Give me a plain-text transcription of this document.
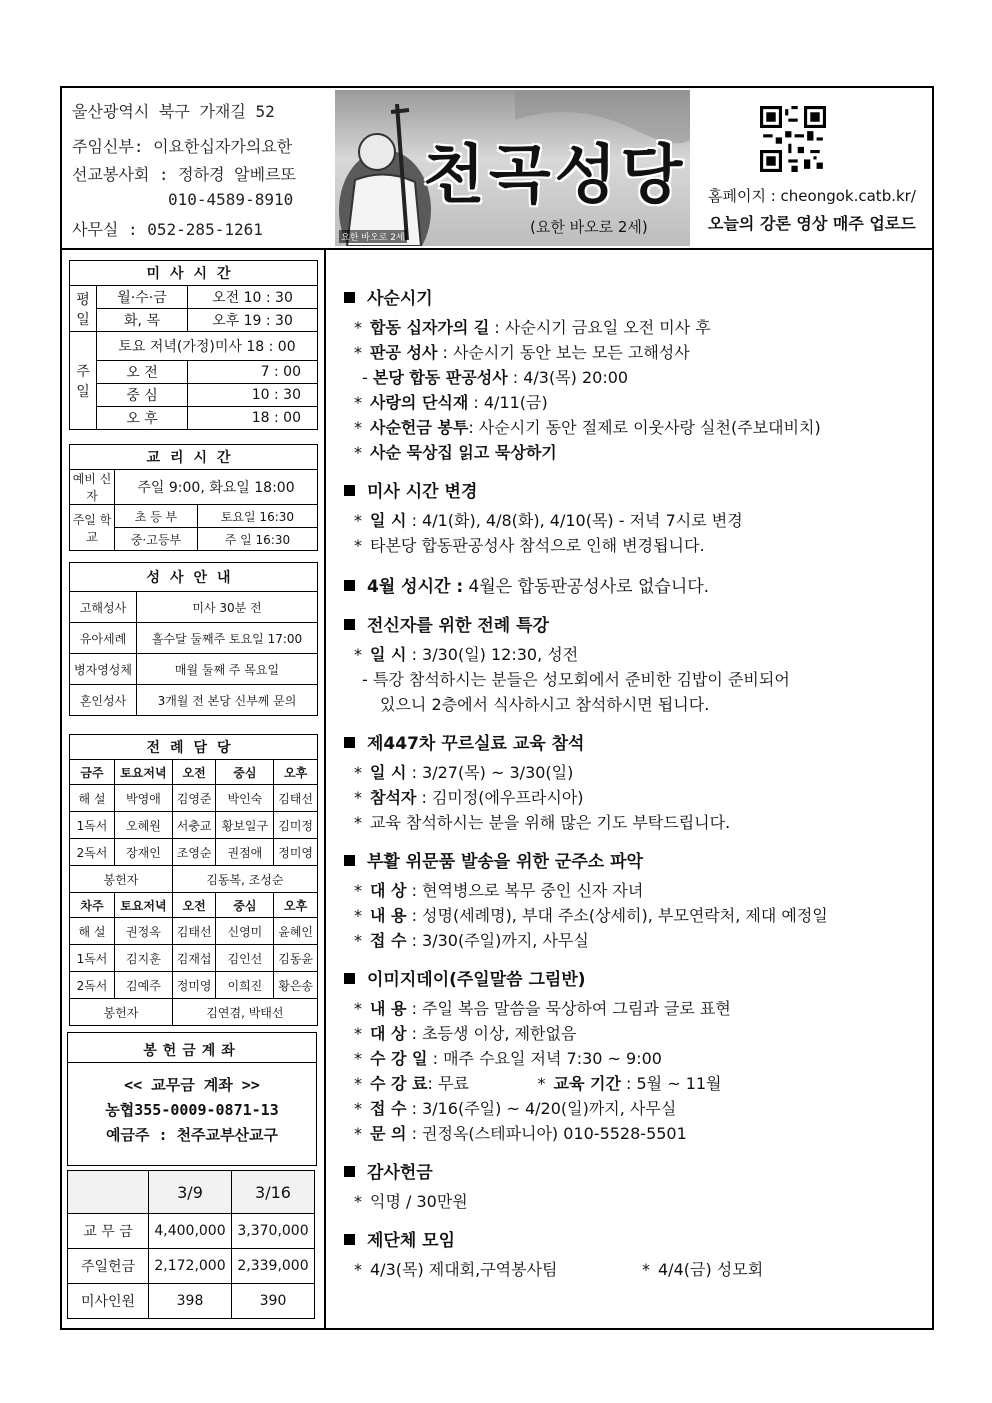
울산광역시 북구 가재길 52
주임신부: 이요한십자가의요한
선교봉사회 : 정하경 알베르또
010-4589-8910
사무실 : 052-285-1261
천곡성당
(요한 바오로 2세)
요한 바오로 2세
홈페이지 : cheongok.catb.kr/
오늘의 강론 영상 매주 업로드
미사시간		
평일	월·수·금	오전 10 : 30
	화, 목	오후 19 : 30
주일	토요 저녁(가정)미사 18 : 00	
	오 전	7 : 00
	중 심	10 : 30
	오 후	18 : 00
교리시간		
예비 신자	주일 9:00, 화요일 18:00	
주일 학교	초 등 부	토요일 16:30
	중·고등부	주 일 16:30
성사안내	
고해성사	미사 30분 전
유아세례	홀수달 둘째주 토요일 17:00
병자영성체	매월 둘째 주 목요일
혼인성사	3개월 전 본당 신부께 문의
전례담당				
금주	토요저녁	오전	중심	오후
해 설	박영애	김영준	박인숙	김태선
1독서	오혜원	서충교	황보일구	김미정
2독서	장재인	조영순	권점애	정미영
봉헌자		김동복, 조성순		
차주	토요저녁	오전	중심	오후
해 설	권정옥	김태선	신영미	윤혜인
1독서	김지훈	김재섭	김인선	김동윤
2독서	김예주	정미영	이희진	황은송
봉헌자		김연겸, 박태선		
봉헌금계좌
<< 교무금 계좌 >>
농협355-0009-0871-13
예금주 : 천주교부산교구
	3/9	3/16
교 무 금	4,400,000	3,370,000
주일헌금	2,172,000	2,339,000
미사인원	398	390
사순시기
* 합동 십자가의 길 : 사순시기 금요일 오전 미사 후
* 판공 성사 : 사순시기 동안 보는 모든 고해성사
- 본당 합동 판공성사 : 4/3(목) 20:00
* 사랑의 단식재 : 4/11(금)
* 사순헌금 봉투: 사순시기 동안 절제로 이웃사랑 실천(주보대비치)
* 사순 묵상집 읽고 묵상하기
미사 시간 변경
* 일 시 : 4/1(화), 4/8(화), 4/10(목) - 저녁 7시로 변경
* 타본당 합동판공성사 참석으로 인해 변경됩니다.
4월 성시간 : 4월은 합동판공성사로 없습니다.
전신자를 위한 전례 특강
* 일 시 : 3/30(일) 12:30, 성전
- 특강 참석하시는 분들은 성모회에서 준비한 김밥이 준비되어
있으니 2층에서 식사하시고 참석하시면 됩니다.
제447차 꾸르실료 교육 참석
* 일 시 : 3/27(목) ~ 3/30(일)
* 참석자 : 김미정(에우프라시아)
* 교육 참석하시는 분을 위해 많은 기도 부탁드립니다.
부활 위문품 발송을 위한 군주소 파악
* 대 상 : 현역병으로 복무 중인 신자 자녀
* 내 용 : 성명(세례명), 부대 주소(상세히), 부모연락처, 제대 예정일
* 접 수 : 3/30(주일)까지, 사무실
이미지데이(주일말씀 그림반)
* 내 용 : 주일 복음 말씀을 묵상하여 그림과 글로 표현
* 대 상 : 초등생 이상, 제한없음
* 수 강 일 : 매주 수요일 저녁 7:30 ~ 9:00
* 수 강 료: 무료	* 교육 기간 : 5월 ~ 11월
* 접 수 : 3/16(주일) ~ 4/20(일)까지, 사무실
* 문 의 : 권정옥(스테파니아) 010-5528-5501
감사헌금
* 익명 / 30만원
제단체 모임
* 4/3(목) 제대회,구역봉사팀	* 4/4(금) 성모회
